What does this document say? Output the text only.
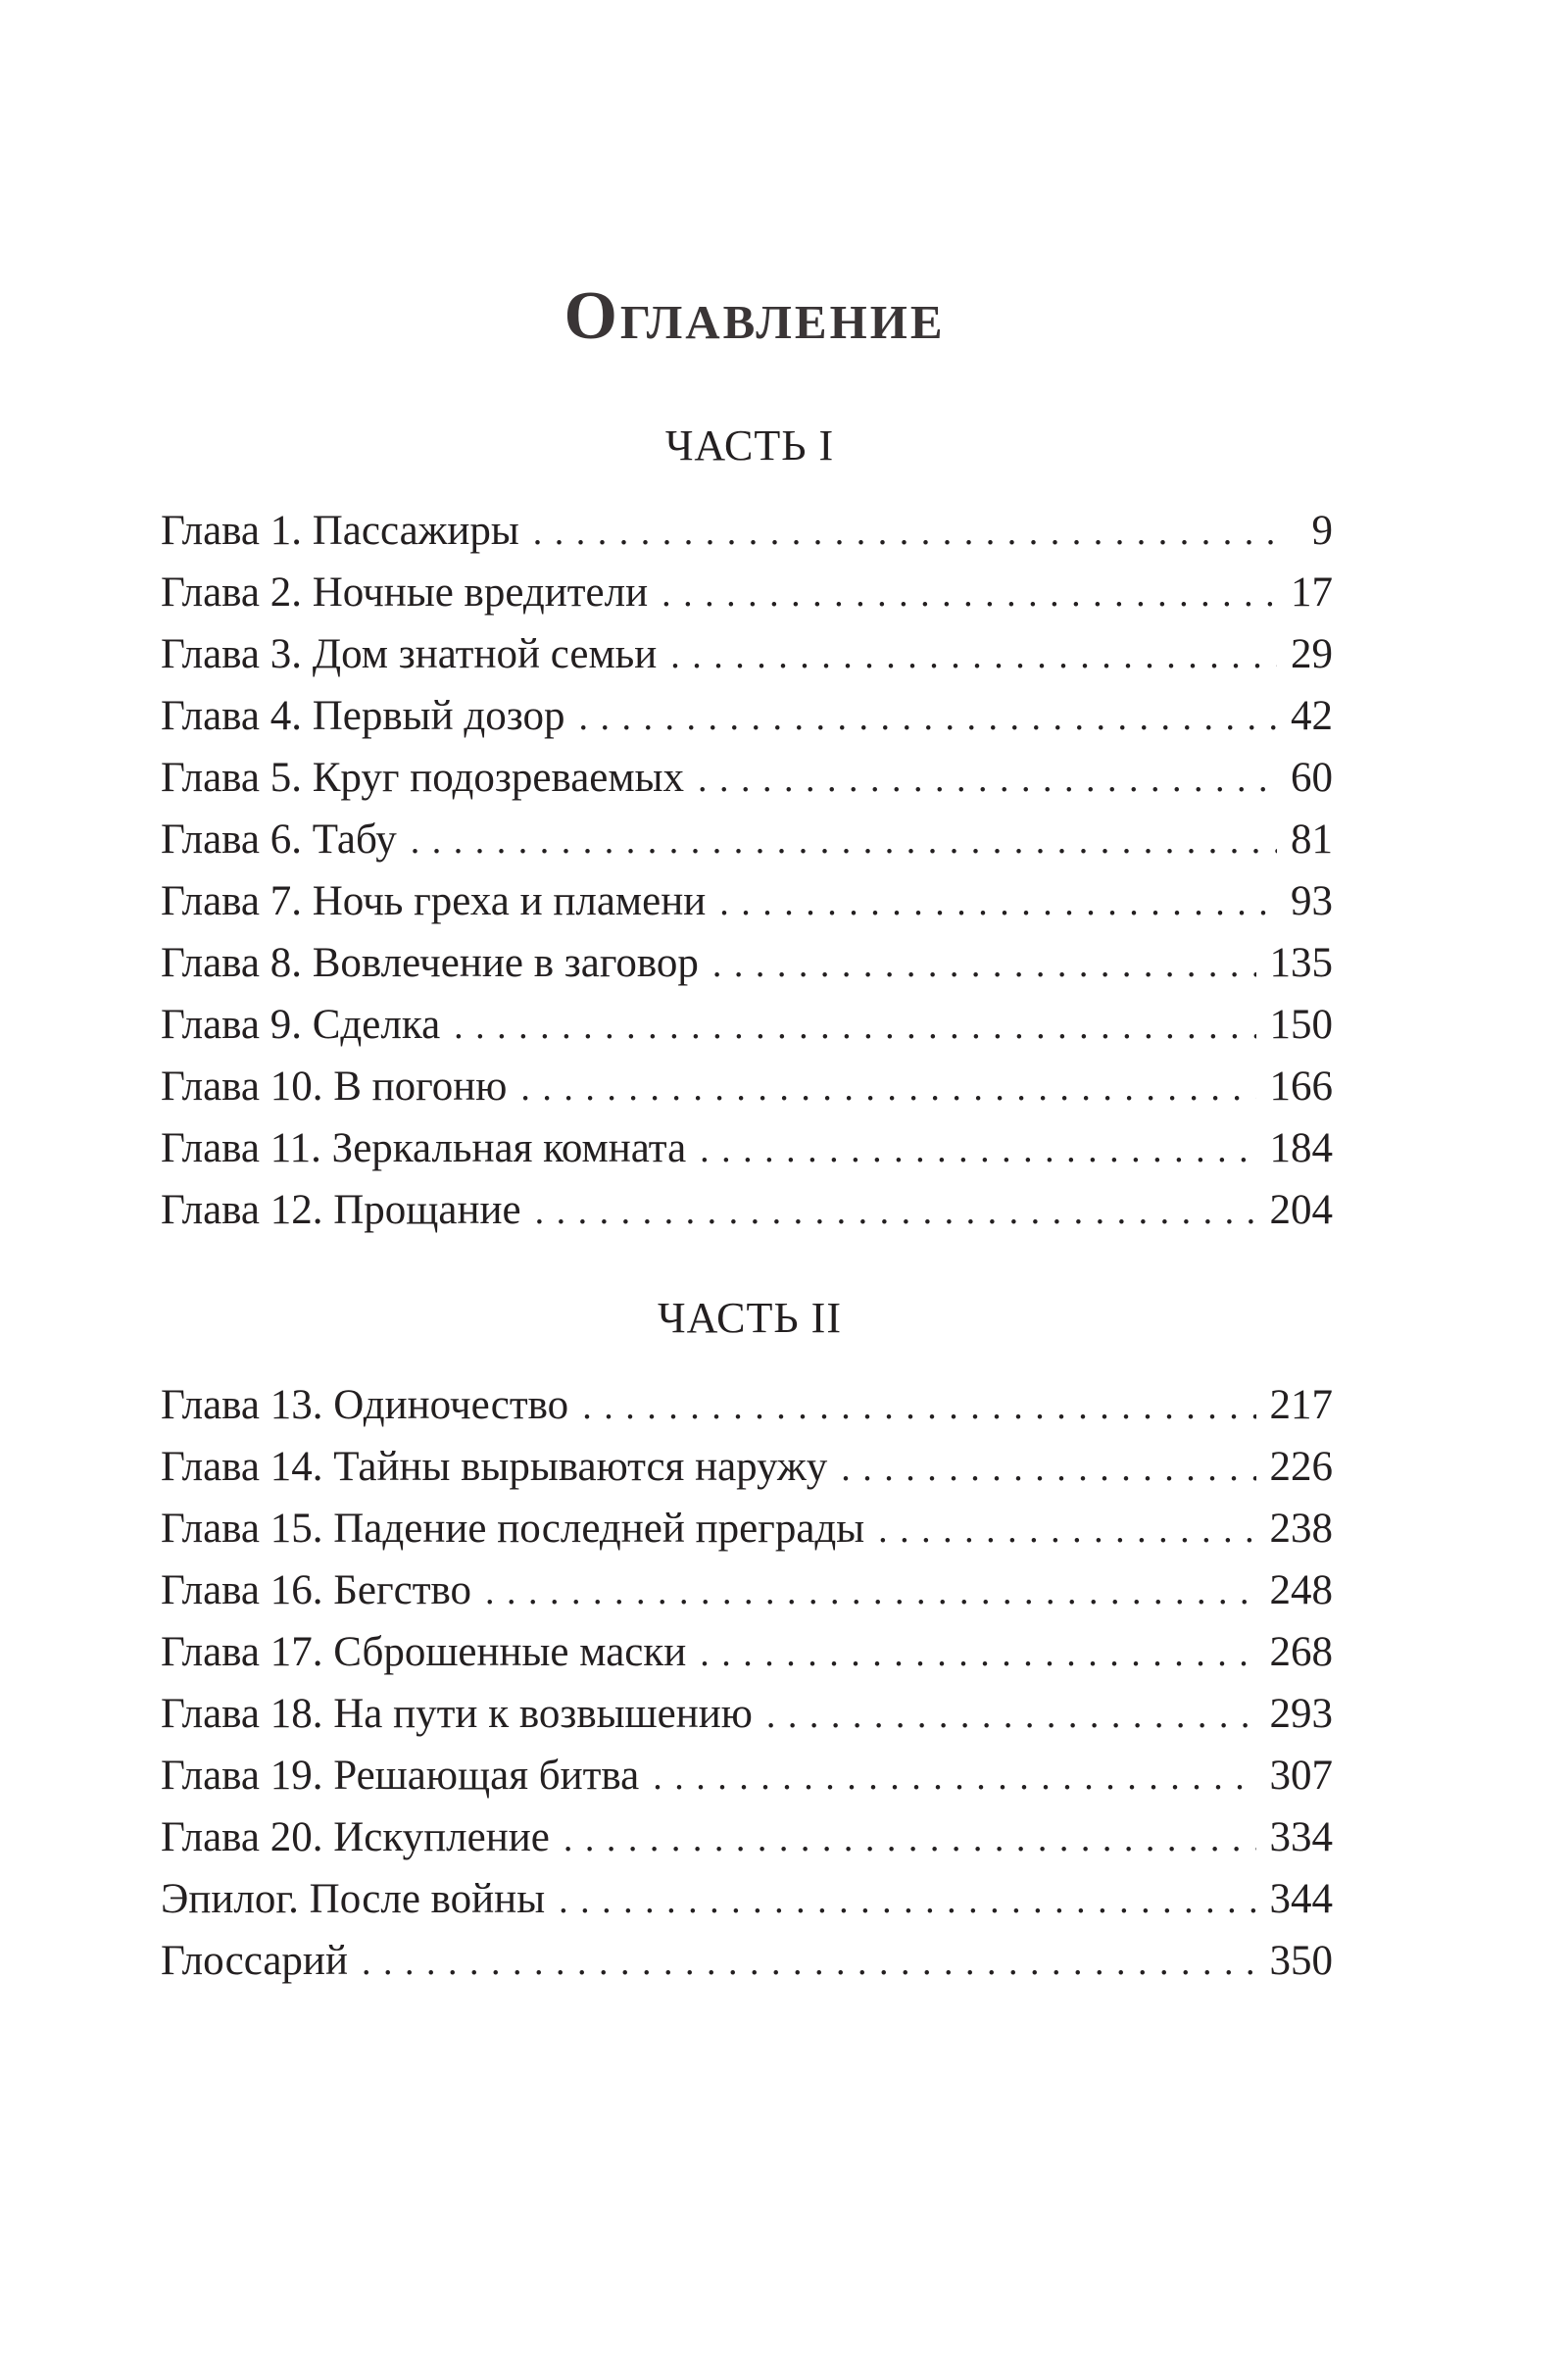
Оглавление
ЧАСТЬ I
Глава 1. Пассажиры . . .	9
Глава 2. Ночные вредители . . .	17
Глава 3. Дом знатной семьи . . .	29
Глава 4. Первый дозор . . .	42
Глава 5. Круг подозреваемых . . .	60
Глава 6. Табу . . .	81
Глава 7. Ночь греха и пламени . . .	93
Глава 8. Вовлечение в заговор . . .	135
Глава 9. Сделка . . .	150
Глава 10. В погоню . . .	166
Глава 11. Зеркальная комната . . .	184
Глава 12. Прощание . . .	204
ЧАСТЬ II
Глава 13. Одиночество . . .	217
Глава 14. Тайны вырываются наружу . . .	226
Глава 15. Падение последней преграды . . .	238
Глава 16. Бегство . . .	248
Глава 17. Сброшенные маски . . .	268
Глава 18. На пути к возвышению . . .	293
Глава 19. Решающая битва . . .	307
Глава 20. Искупление . . .	334
Эпилог. После войны . . .	344
Глоссарий . . .	350
